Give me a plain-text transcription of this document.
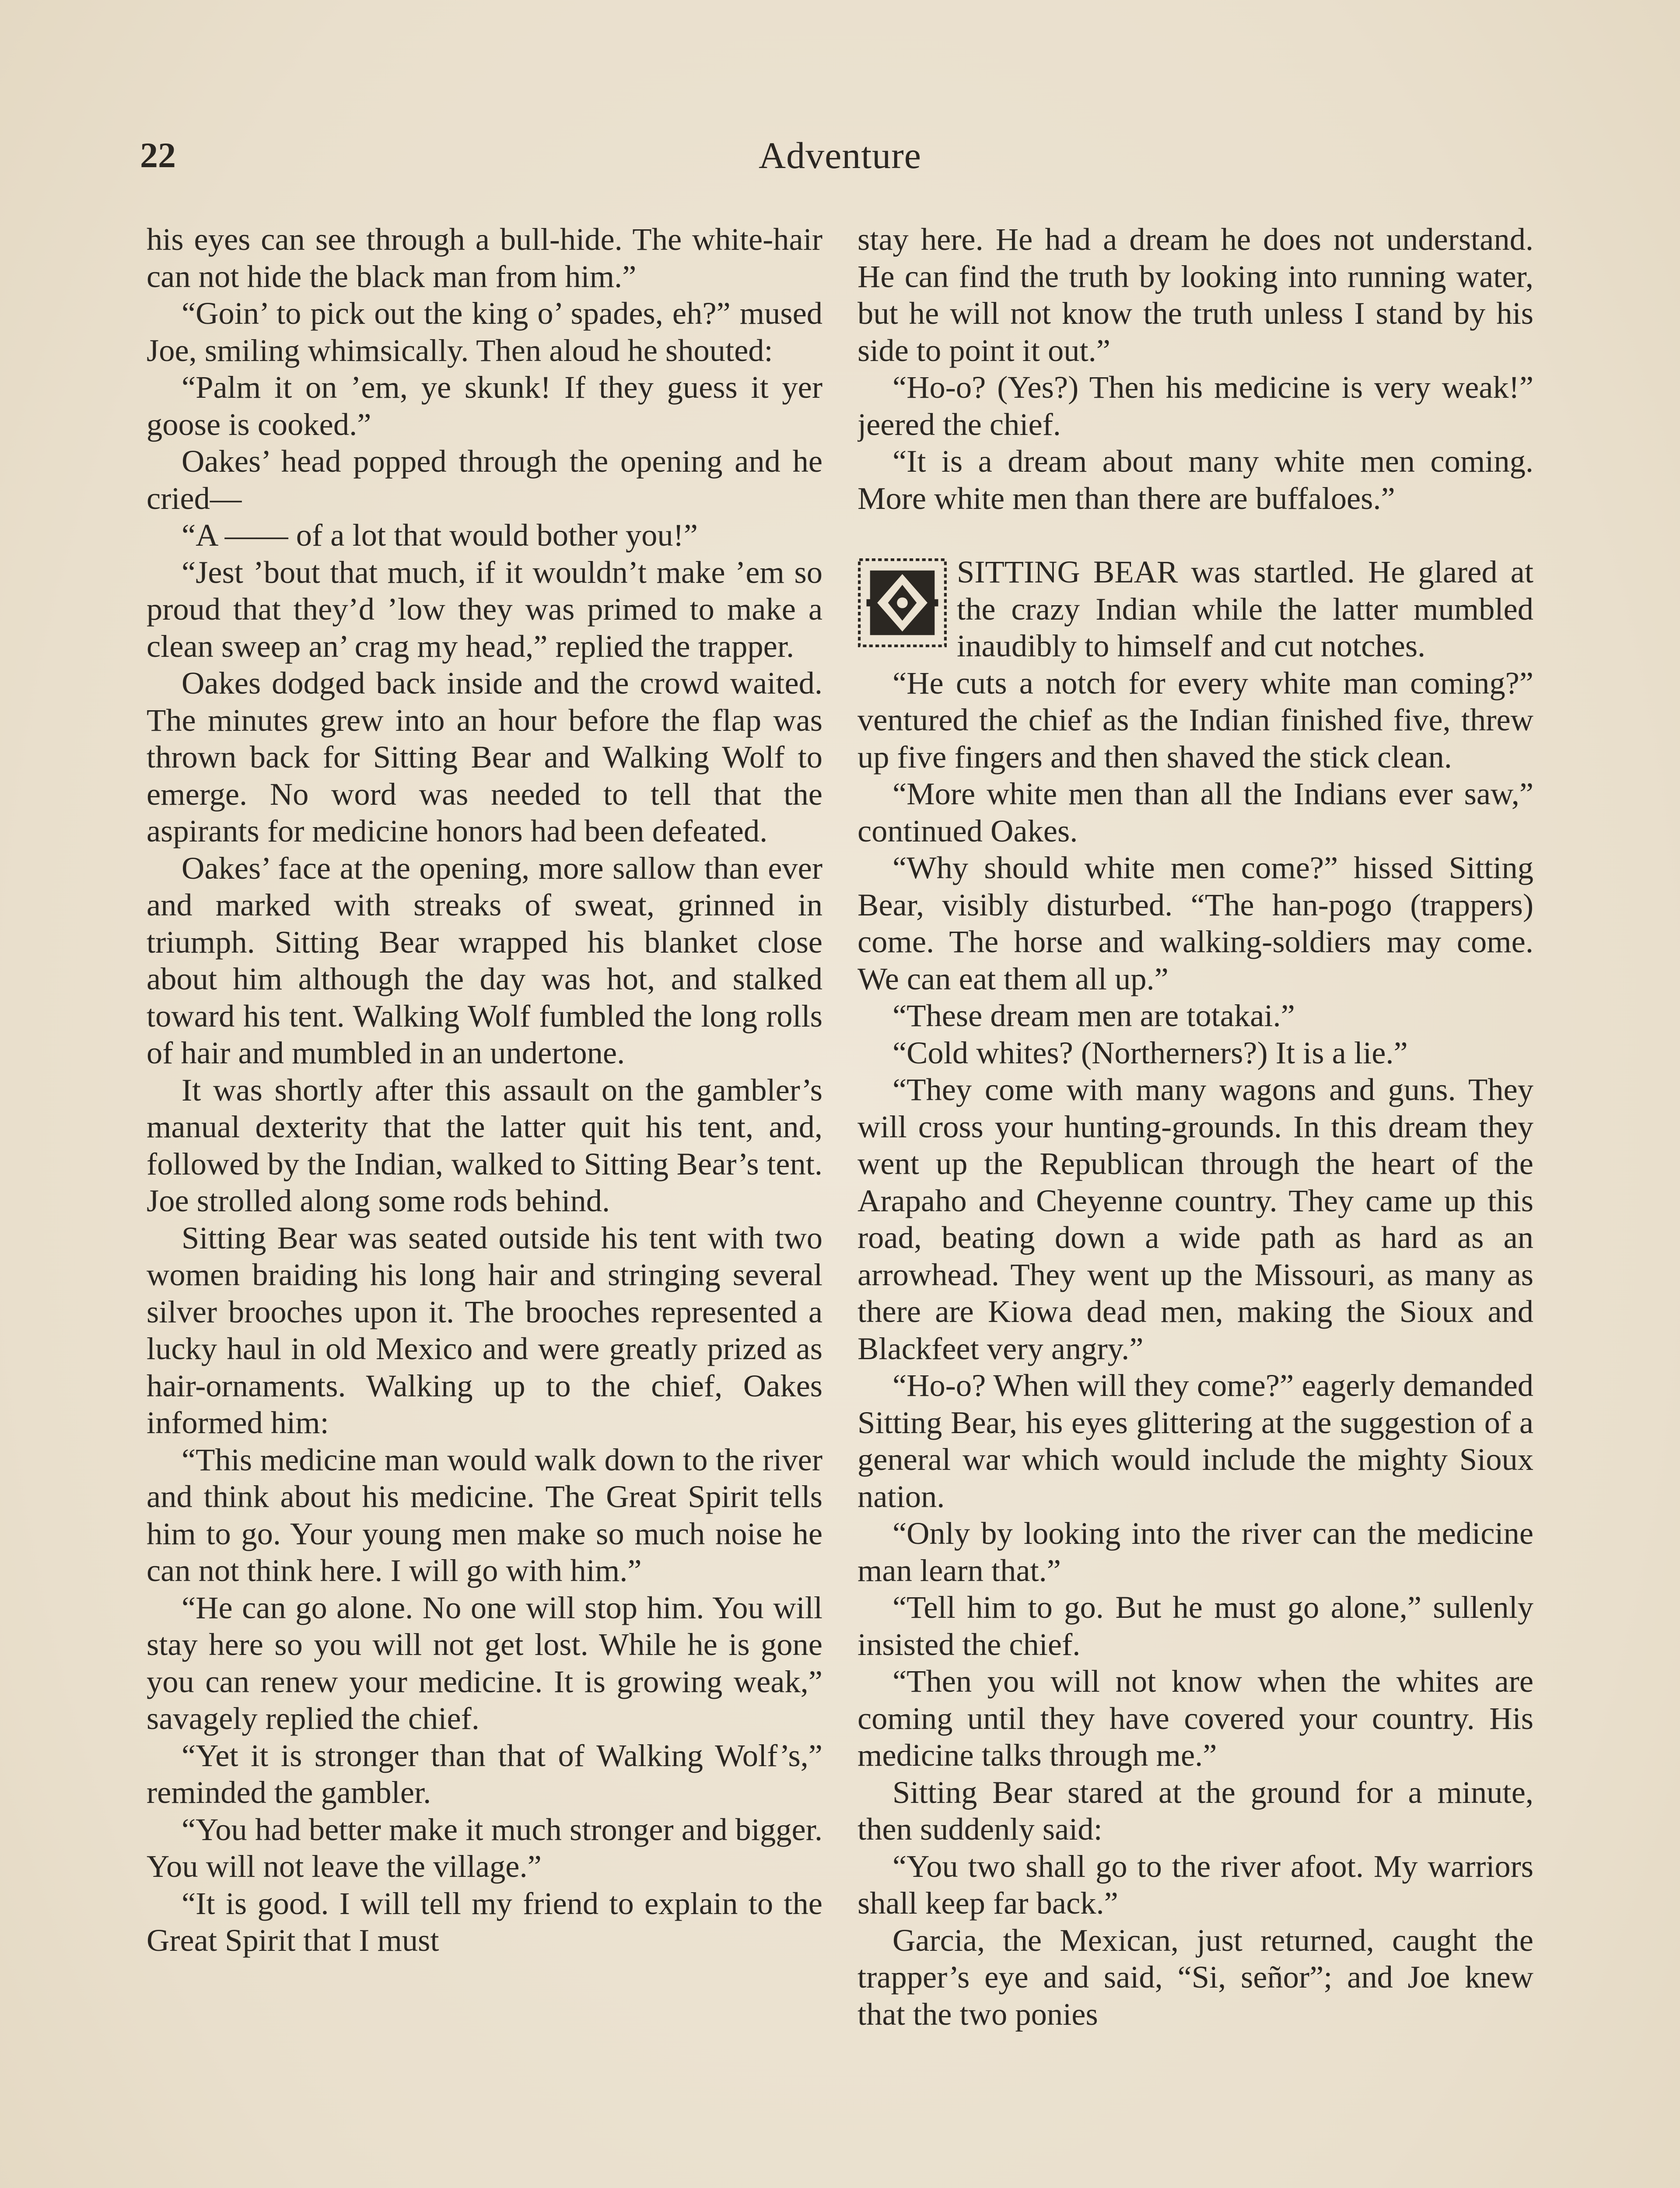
22	Adventure

his eyes can see through a bull-hide. The white-hair can not hide the black man from him.”

“Goin’ to pick out the king o’ spades, eh?” mused Joe, smiling whimsically. Then aloud he shouted:

“Palm it on ’em, ye skunk! If they guess it yer goose is cooked.”

Oakes’ head popped through the opening and he cried—

“A —— of a lot that would bother you!”

“Jest ’bout that much, if it wouldn’t make ’em so proud that they’d ’low they was primed to make a clean sweep an’ crag my head,” replied the trapper.

Oakes dodged back inside and the crowd waited. The minutes grew into an hour before the flap was thrown back for Sitting Bear and Walking Wolf to emerge. No word was needed to tell that the aspirants for medicine honors had been defeated.

Oakes’ face at the opening, more sallow than ever and marked with streaks of sweat, grinned in triumph. Sitting Bear wrapped his blanket close about him although the day was hot, and stalked toward his tent. Walking Wolf fumbled the long rolls of hair and mumbled in an undertone.

It was shortly after this assault on the gambler’s manual dexterity that the latter quit his tent, and, followed by the Indian, walked to Sitting Bear’s tent. Joe strolled along some rods behind.

Sitting Bear was seated outside his tent with two women braiding his long hair and stringing several silver brooches upon it. The brooches represented a lucky haul in old Mexico and were greatly prized as hair-ornaments. Walking up to the chief, Oakes informed him:

“This medicine man would walk down to the river and think about his medicine. The Great Spirit tells him to go. Your young men make so much noise he can not think here. I will go with him.”

“He can go alone. No one will stop him. You will stay here so you will not get lost. While he is gone you can renew your medicine. It is growing weak,” savagely replied the chief.

“Yet it is stronger than that of Walking Wolf’s,” reminded the gambler.

“You had better make it much stronger and bigger. You will not leave the village.”

“It is good. I will tell my friend to explain to the Great Spirit that I must

stay here. He had a dream he does not understand. He can find the truth by looking into running water, but he will not know the truth unless I stand by his side to point it out.”

“Ho-o? (Yes?) Then his medicine is very weak!” jeered the chief.

“It is a dream about many white men coming. More white men than there are buffaloes.”

SITTING BEAR was startled. He glared at the crazy Indian while the latter mumbled inaudibly to himself and cut notches.

“He cuts a notch for every white man coming?” ventured the chief as the Indian finished five, threw up five fingers and then shaved the stick clean.

“More white men than all the Indians ever saw,” continued Oakes.

“Why should white men come?” hissed Sitting Bear, visibly disturbed. “The han-pogo (trappers) come. The horse and walking-soldiers may come. We can eat them all up.”

“These dream men are totakai.”

“Cold whites? (Northerners?) It is a lie.”

“They come with many wagons and guns. They will cross your hunting-grounds. In this dream they went up the Republican through the heart of the Arapaho and Cheyenne country. They came up this road, beating down a wide path as hard as an arrowhead. They went up the Missouri, as many as there are Kiowa dead men, making the Sioux and Blackfeet very angry.”

“Ho-o? When will they come?” eagerly demanded Sitting Bear, his eyes glittering at the suggestion of a general war which would include the mighty Sioux nation.

“Only by looking into the river can the medicine man learn that.”

“Tell him to go. But he must go alone,” sullenly insisted the chief.

“Then you will not know when the whites are coming until they have covered your country. His medicine talks through me.”

Sitting Bear stared at the ground for a minute, then suddenly said:

“You two shall go to the river afoot. My warriors shall keep far back.”

Garcia, the Mexican, just returned, caught the trapper’s eye and said, “Si, señor”; and Joe knew that the two ponies
